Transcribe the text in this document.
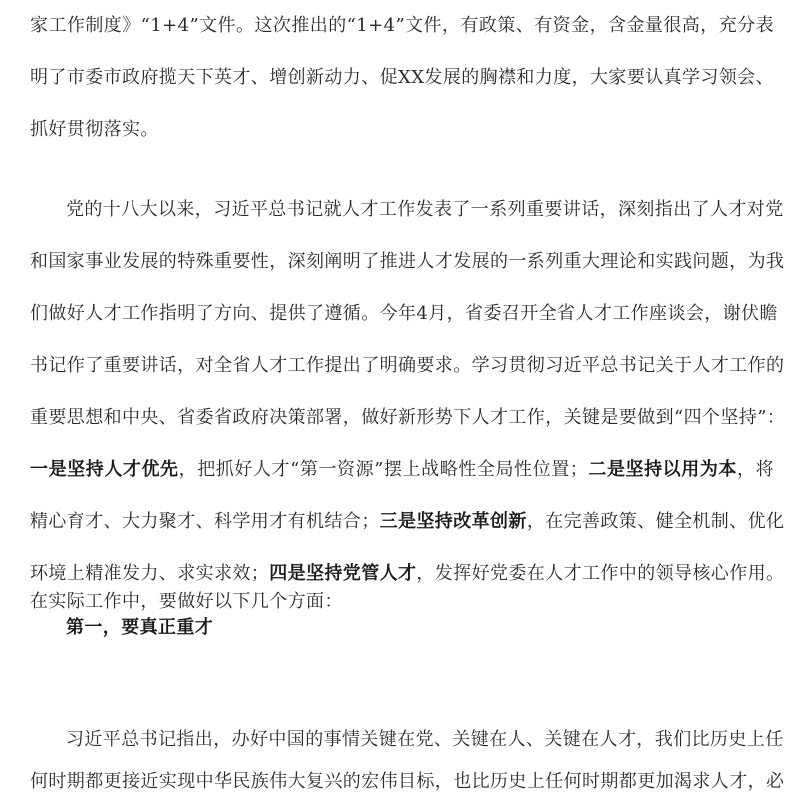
家工作制度》“1+4”文件。这次推出的“1+4”文件，有政策、有资金，含金量很高，充分表
明了市委市政府揽天下英才、增创新动力、促XX发展的胸襟和力度，大家要认真学习领会、
抓好贯彻落实。
党的十八大以来，习近平总书记就人才工作发表了一系列重要讲话，深刻指出了人才对党
和国家事业发展的特殊重要性，深刻阐明了推进人才发展的一系列重大理论和实践问题，为我
们做好人才工作指明了方向、提供了遵循。今年4月，省委召开全省人才工作座谈会，谢伏瞻
书记作了重要讲话，对全省人才工作提出了明确要求。学习贯彻习近平总书记关于人才工作的
重要思想和中央、省委省政府决策部署，做好新形势下人才工作，关键是要做到“四个坚持”：
一是坚持人才优先，把抓好人才“第一资源”摆上战略性全局性位置；二是坚持以用为本，将
精心育才、大力聚才、科学用才有机结合；三是坚持改革创新，在完善政策、健全机制、优化
环境上精准发力、求实求效；四是坚持党管人才，发挥好党委在人才工作中的领导核心作用。
在实际工作中，要做好以下几个方面：
第一，要真正重才
习近平总书记指出，办好中国的事情关键在党、关键在人、关键在人才，我们比历史上任
何时期都更接近实现中华民族伟大复兴的宏伟目标，也比历史上任何时期都更加渴求人才，必
